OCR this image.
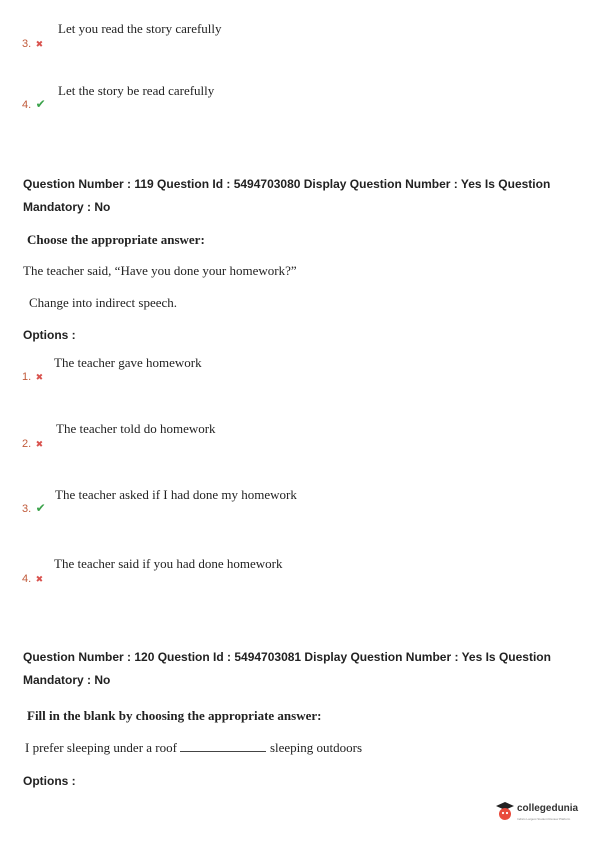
Let you read the story carefully
3. ✖
Let the story be read carefully
4. ✔
Question Number : 119 Question Id : 5494703080 Display Question Number : Yes Is Question
Mandatory : No
Choose the appropriate answer:
The teacher said, “Have you done your homework?”
Change into indirect speech.
Options :
The teacher gave homework
1. ✖
The teacher told do homework
2. ✖
The teacher asked if I had done my homework
3. ✔
The teacher said if you had done homework
4. ✖
Question Number : 120 Question Id : 5494703081 Display Question Number : Yes Is Question
Mandatory : No
Fill in the blank by choosing the appropriate answer:
I prefer sleeping under a roof	sleeping outdoors
Options :
collegedunia
India's Largest Student Review Platform
